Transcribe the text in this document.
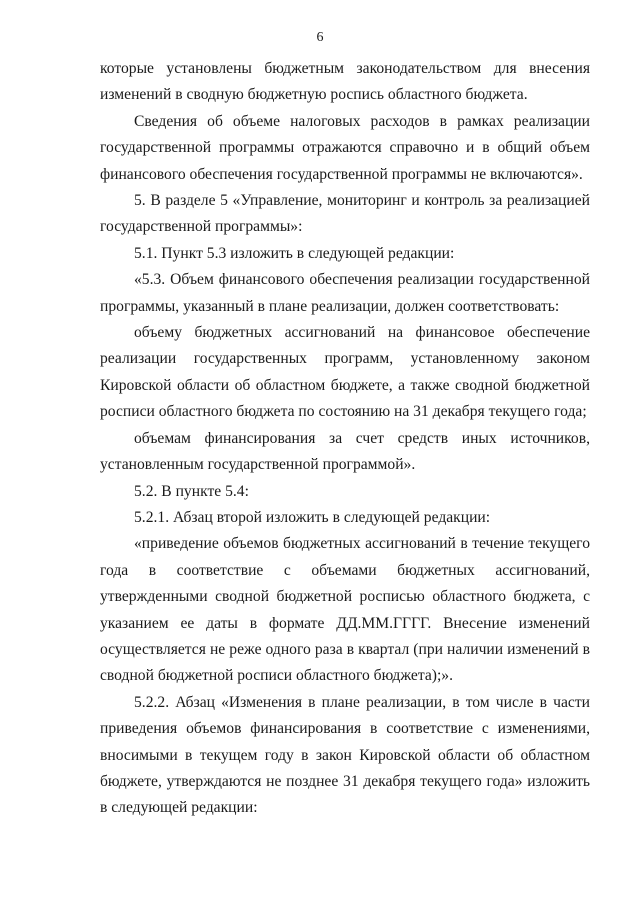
6

которые установлены бюджетным законодательством для внесения изменений в сводную бюджетную роспись областного бюджета.

Сведения об объеме налоговых расходов в рамках реализации государственной программы отражаются справочно и в общий объем финансового обеспечения государственной программы не включаются».

5. В разделе 5 «Управление, мониторинг и контроль за реализацией государственной программы»:

5.1. Пункт 5.3 изложить в следующей редакции:

«5.3. Объем финансового обеспечения реализации государственной программы, указанный в плане реализации, должен соответствовать:

объему бюджетных ассигнований на финансовое обеспечение реализации государственных программ, установленному законом Кировской области об областном бюджете, а также сводной бюджетной росписи областного бюджета по состоянию на 31 декабря текущего года;

объемам финансирования за счет средств иных источников, установленным государственной программой».

5.2. В пункте 5.4:

5.2.1. Абзац второй изложить в следующей редакции:

«приведение объемов бюджетных ассигнований в течение текущего года в соответствие с объемами бюджетных ассигнований, утвержденными сводной бюджетной росписью областного бюджета, с указанием ее даты в формате ДД.ММ.ГГГГ. Внесение изменений осуществляется не реже одного раза в квартал (при наличии изменений в сводной бюджетной росписи областного бюджета);».

5.2.2. Абзац «Изменения в плане реализации, в том числе в части приведения объемов финансирования в соответствие с изменениями, вносимыми в текущем году в закон Кировской области об областном бюджете, утверждаются не позднее 31 декабря текущего года» изложить в следующей редакции:
